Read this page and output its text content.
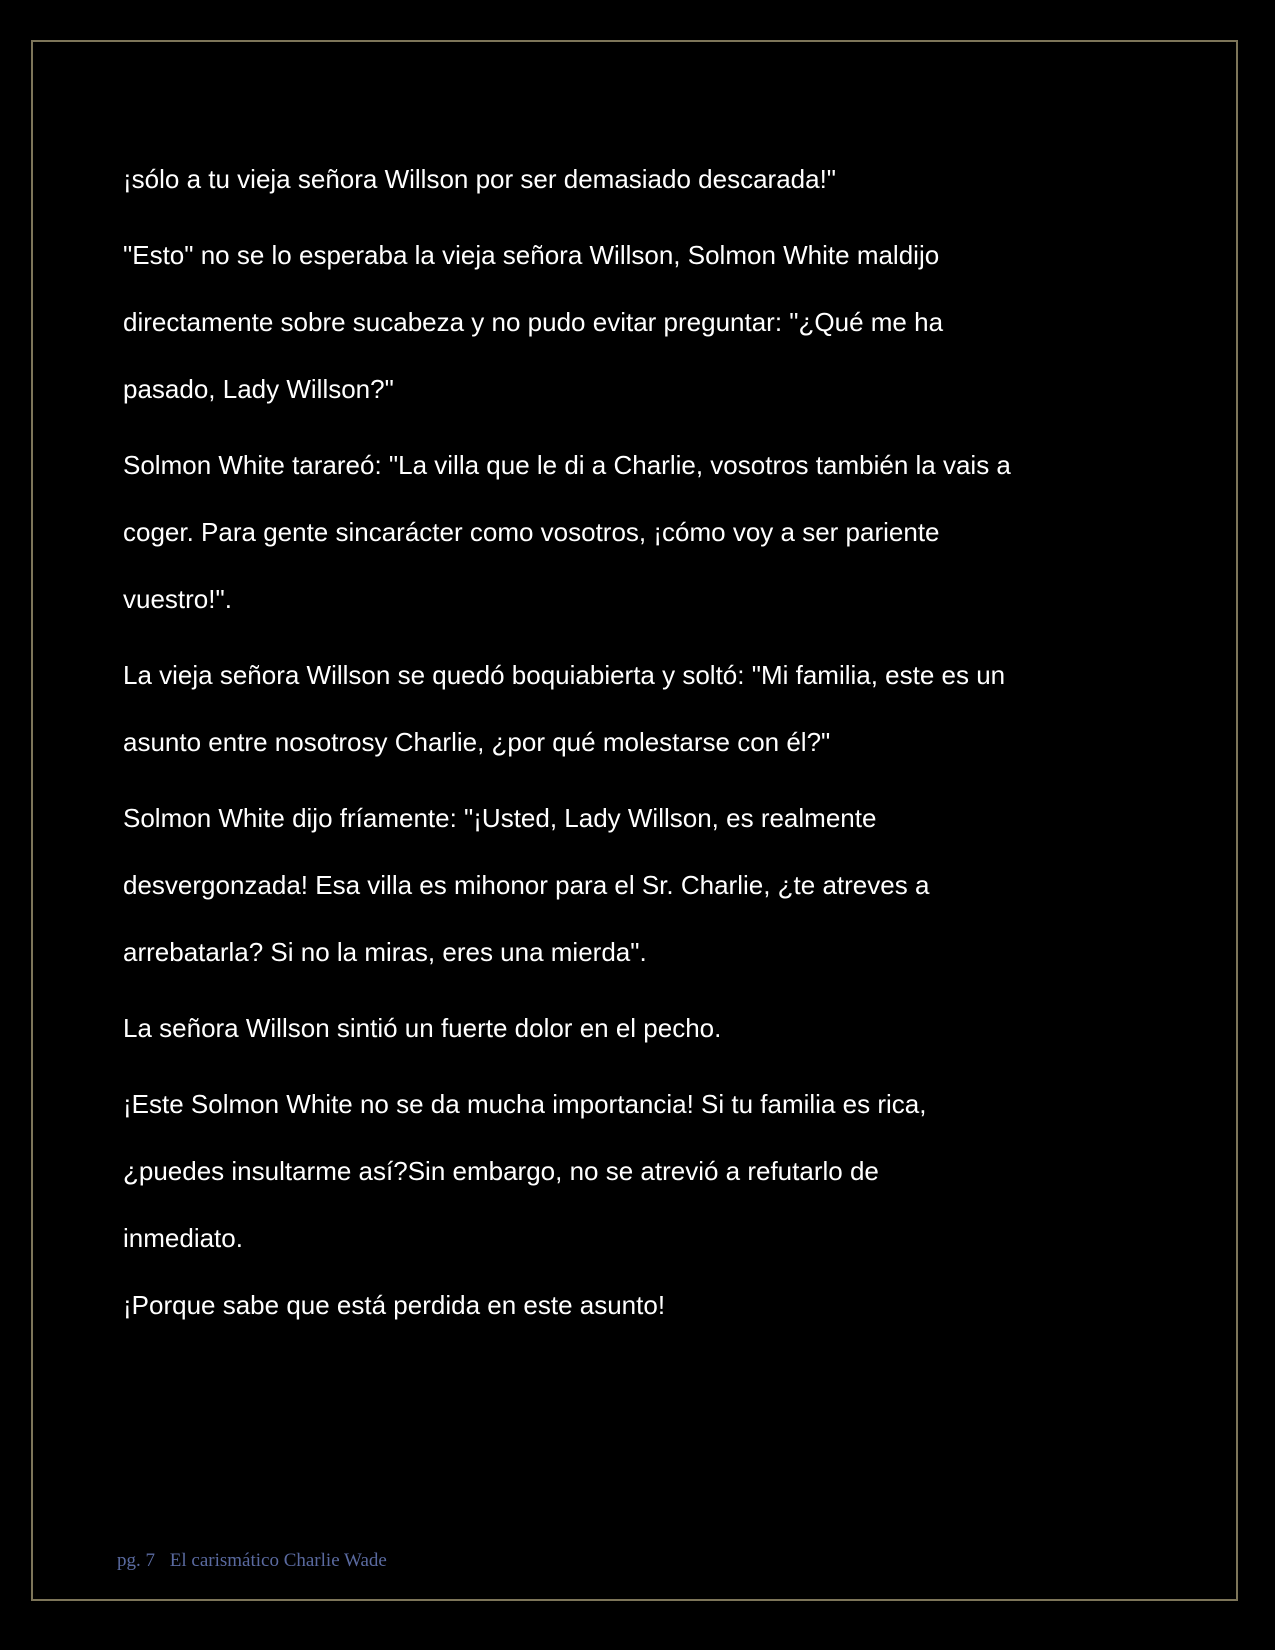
¡sólo a tu vieja señora Willson por ser demasiado descarada!"

"Esto" no se lo esperaba la vieja señora Willson, Solmon White maldijo
directamente sobre sucabeza y no pudo evitar preguntar: "¿Qué me ha
pasado, Lady Willson?"

Solmon White tarareó: "La villa que le di a Charlie, vosotros también la vais a
coger. Para gente sincarácter como vosotros, ¡cómo voy a ser pariente
vuestro!".

La vieja señora Willson se quedó boquiabierta y soltó: "Mi familia, este es un
asunto entre nosotrosy Charlie, ¿por qué molestarse con él?"

Solmon White dijo fríamente: "¡Usted, Lady Willson, es realmente
desvergonzada! Esa villa es mihonor para el Sr. Charlie, ¿te atreves a
arrebatarla? Si no la miras, eres una mierda".

La señora Willson sintió un fuerte dolor en el pecho.

¡Este Solmon White no se da mucha importancia! Si tu familia es rica,
¿puedes insultarme así?Sin embargo, no se atrevió a refutarlo de
inmediato.

¡Porque sabe que está perdida en este asunto!

pg. 7 El carismático Charlie Wade
